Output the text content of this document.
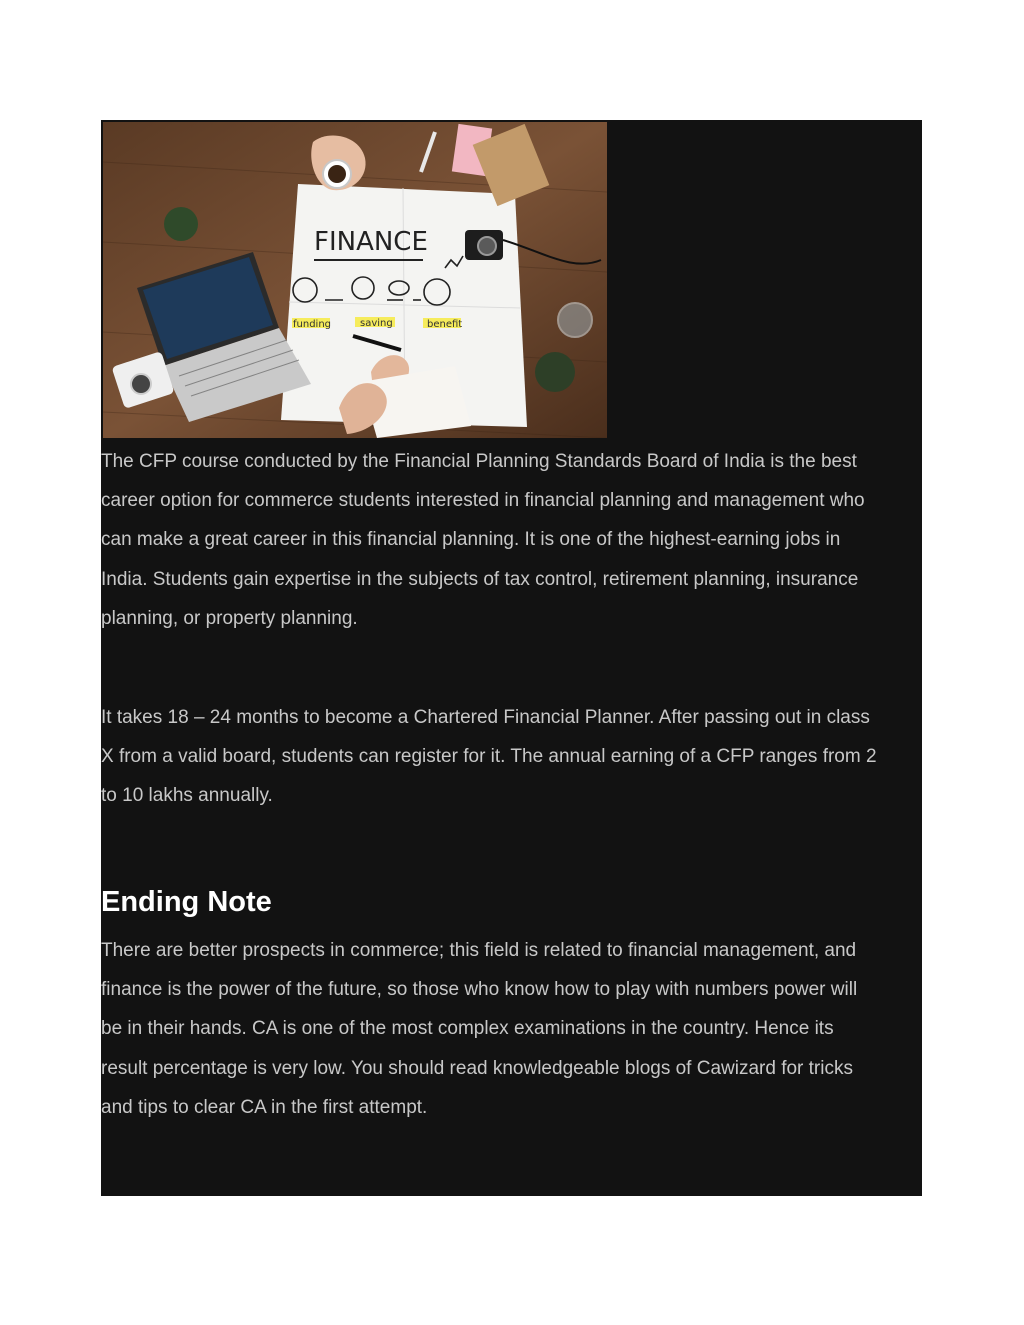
FINANCE
funding	saving	benefit

The CFP course conducted by the Financial Planning Standards Board of India is the best
career option for commerce students interested in financial planning and management who
can make a great career in this financial planning. It is one of the highest-earning jobs in
India. Students gain expertise in the subjects of tax control, retirement planning, insurance
planning, or property planning.

It takes 18 – 24 months to become a Chartered Financial Planner. After passing out in class
X from a valid board, students can register for it. The annual earning of a CFP ranges from 2
to 10 lakhs annually.

Ending Note

There are better prospects in commerce; this field is related to financial management, and
finance is the power of the future, so those who know how to play with numbers power will
be in their hands. CA is one of the most complex examinations in the country. Hence its
result percentage is very low. You should read knowledgeable blogs of Cawizard for tricks
and tips to clear CA in the first attempt.
